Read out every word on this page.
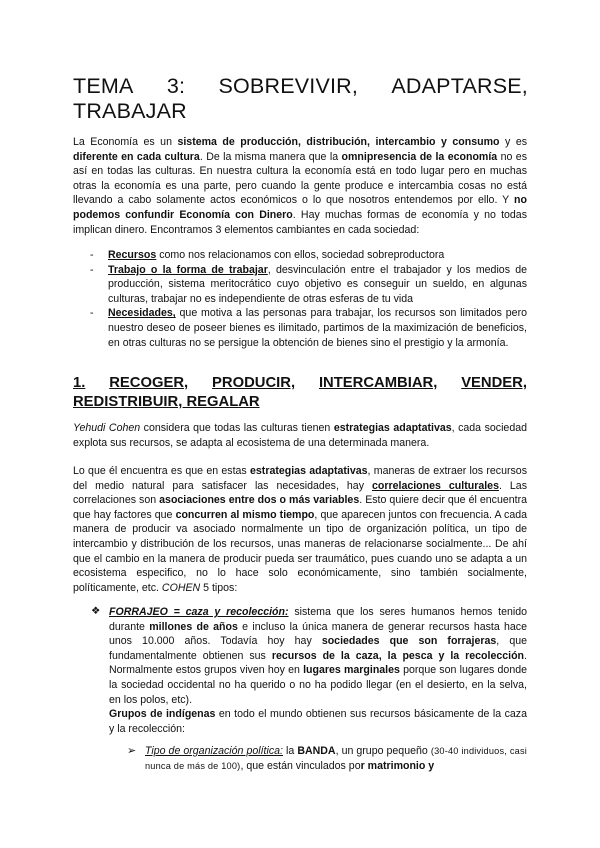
TEMA 3: SOBREVIVIR, ADAPTARSE,
TRABAJAR

La Economía es un sistema de producción, distribución, intercambio y consumo y es diferente en cada cultura. De la misma manera que la omnipresencia de la economía no es así en todas las culturas. En nuestra cultura la economía está en todo lugar pero en muchas otras la economía es una parte, pero cuando la gente produce e intercambia cosas no está llevando a cabo solamente actos económicos o lo que nosotros entendemos por ello. Y no podemos confundir Economía con Dinero. Hay muchas formas de economía y no todas implican dinero. Encontramos 3 elementos cambiantes en cada sociedad:

- Recursos como nos relacionamos con ellos, sociedad sobreproductora
- Trabajo o la forma de trabajar, desvinculación entre el trabajador y los medios de producción, sistema meritocrático cuyo objetivo es conseguir un sueldo, en algunas culturas, trabajar no es independiente de otras esferas de tu vida
- Necesidades, que motiva a las personas para trabajar, los recursos son limitados pero nuestro deseo de poseer bienes es ilimitado, partimos de la maximización de beneficios, en otras culturas no se persigue la obtención de bienes sino el prestigio y la armonía.
1. RECOGER, PRODUCIR, INTERCAMBIAR, VENDER,
REDISTRIBUIR, REGALAR

Yehudi Cohen considera que todas las culturas tienen estrategias adaptativas, cada sociedad explota sus recursos, se adapta al ecosistema de una determinada manera.

Lo que él encuentra es que en estas estrategias adaptativas, maneras de extraer los recursos del medio natural para satisfacer las necesidades, hay correlaciones culturales. Las correlaciones son asociaciones entre dos o más variables. Esto quiere decir que él encuentra que hay factores que concurren al mismo tiempo, que aparecen juntos con frecuencia. A cada manera de producir va asociado normalmente un tipo de organización política, un tipo de intercambio y distribución de los recursos, unas maneras de relacionarse socialmente... De ahí que el cambio en la manera de producir pueda ser traumático, pues cuando uno se adapta a un ecosistema especifico, no lo hace solo económicamente, sino también socialmente, políticamente, etc. COHEN 5 tipos:

❖ FORRAJEO = caza y recolección: sistema que los seres humanos hemos tenido durante millones de años e incluso la única manera de generar recursos hasta hace unos 10.000 años. Todavía hoy hay sociedades que son forrajeras, que fundamentalmente obtienen sus recursos de la caza, la pesca y la recolección. Normalmente estos grupos viven hoy en lugares marginales porque son lugares donde la sociedad occidental no ha querido o no ha podido llegar (en el desierto, en la selva, en los polos, etc).
Grupos de indígenas en todo el mundo obtienen sus recursos básicamente de la caza y la recolección:

➢ Tipo de organización política: la BANDA, un grupo pequeño (30-40 individuos, casi nunca de más de 100), que están vinculados por matrimonio y
